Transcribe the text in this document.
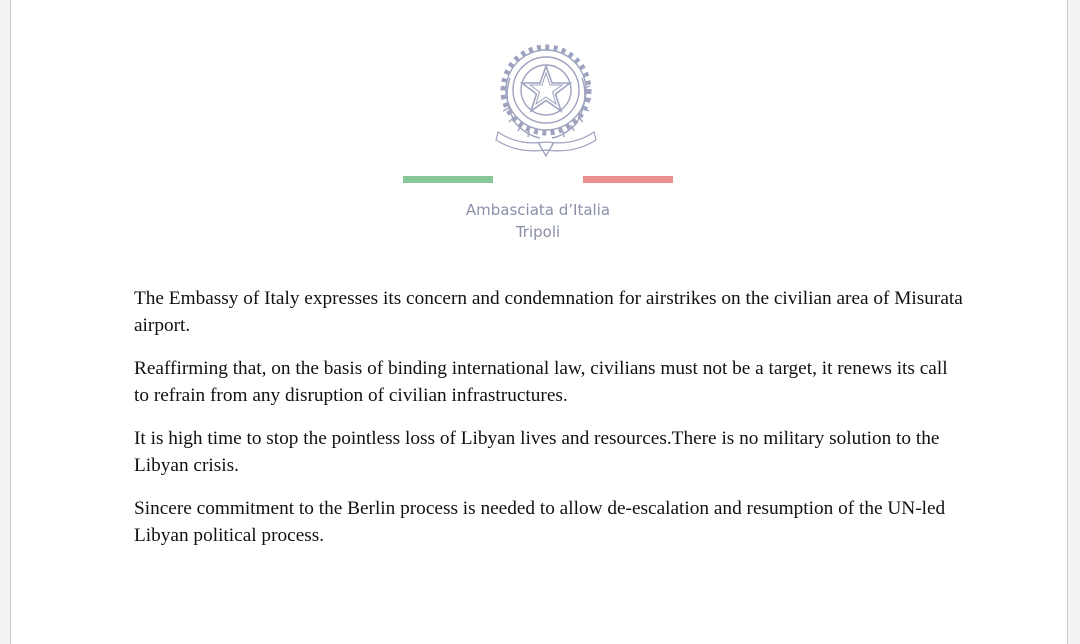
Ambasciata d’Italia
Tripoli

The Embassy of Italy expresses its concern and condemnation for airstrikes on the civilian area of Misurata airport.

Reaffirming that, on the basis of binding international law, civilians must not be a target, it renews its call to refrain from any disruption of civilian infrastructures.

It is high time to stop the pointless loss of Libyan lives and resources.There is no military solution to the Libyan crisis.

Sincere commitment to the Berlin process is needed to allow de-escalation and resumption of the UN-led Libyan political process.
